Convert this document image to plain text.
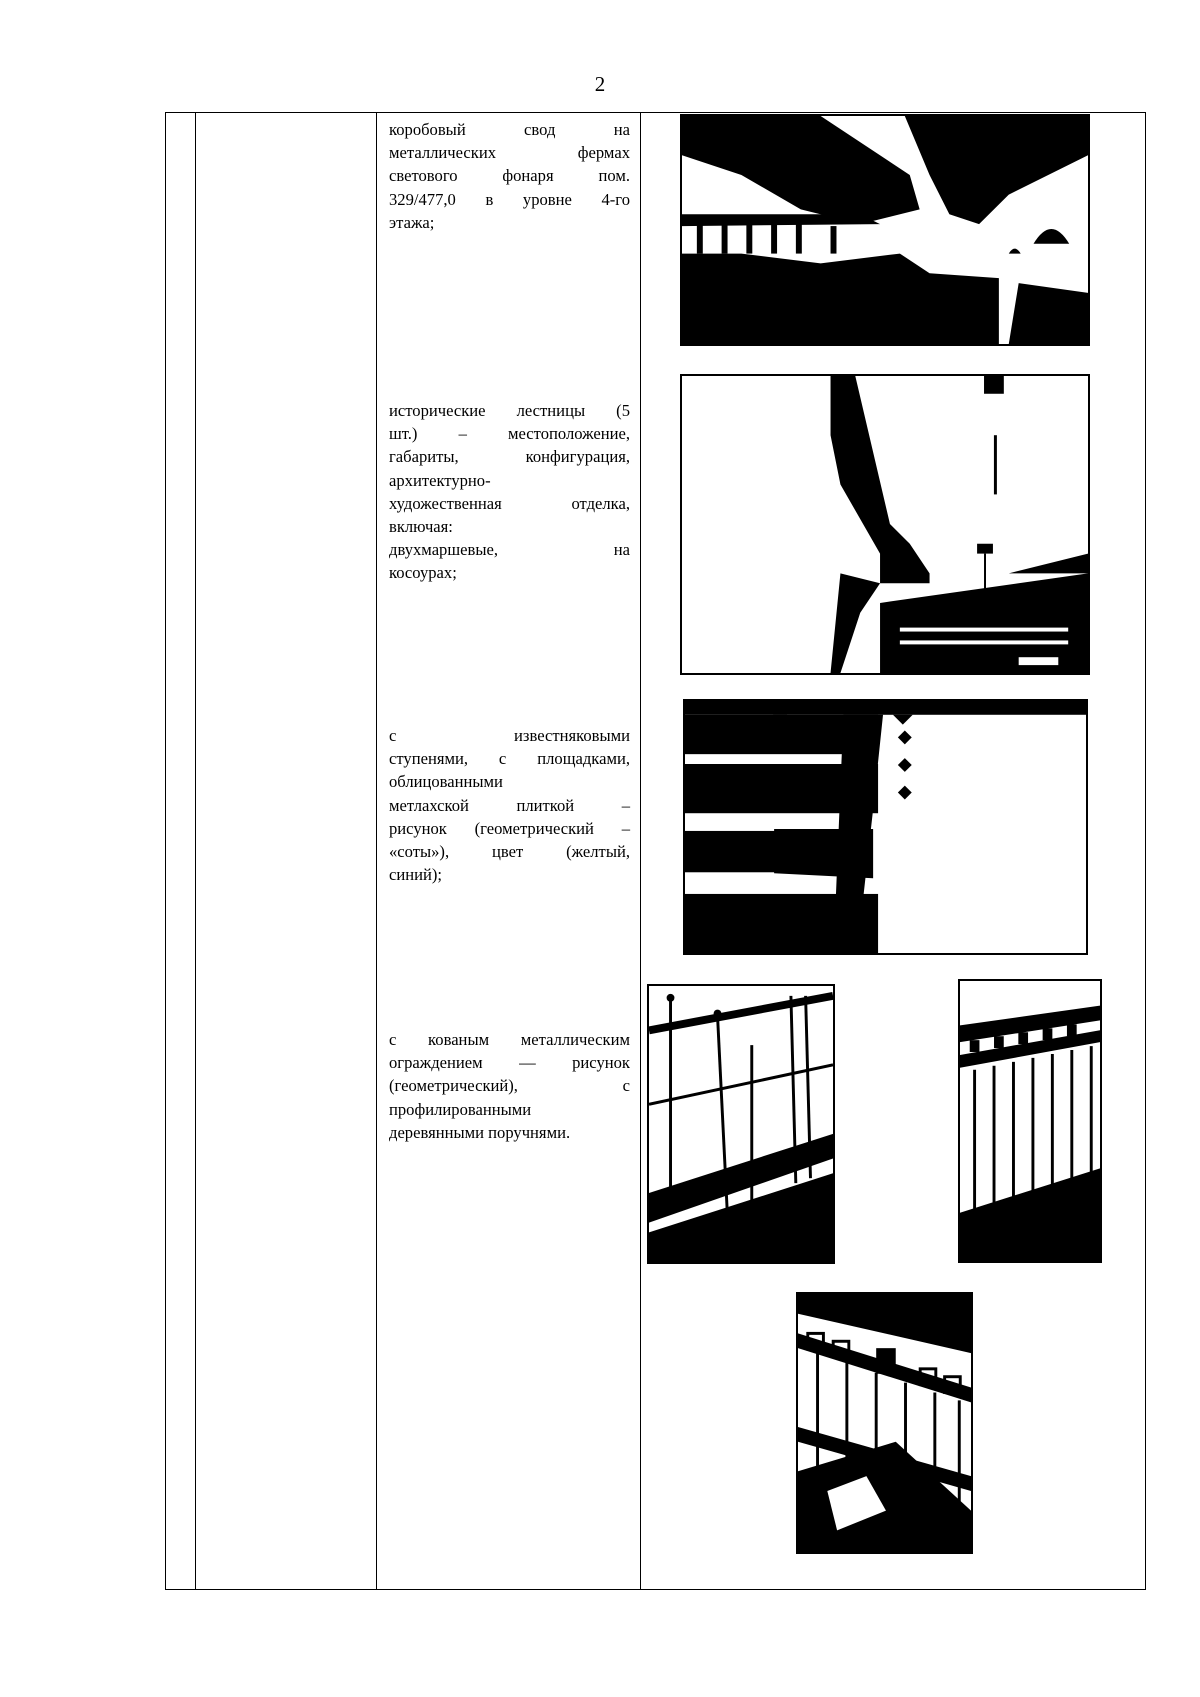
2
коробовый свод на
металлических фермах
светового фонаря пом.
329/477,0 в уровне 4-го
этажа;
исторические лестницы (5
шт.) – местоположение,
габариты, конфигурация,
архитектурно-
художественная отделка,
включая:
двухмаршевые, на
косоурах;
с известняковыми
ступенями, с площадками,
облицованными
метлахской плиткой –
рисунок (геометрический –
«соты»), цвет (желтый,
синий);
с кованым металлическим
ограждением — рисунок
(геометрический), с
профилированными
деревянными поручнями.
